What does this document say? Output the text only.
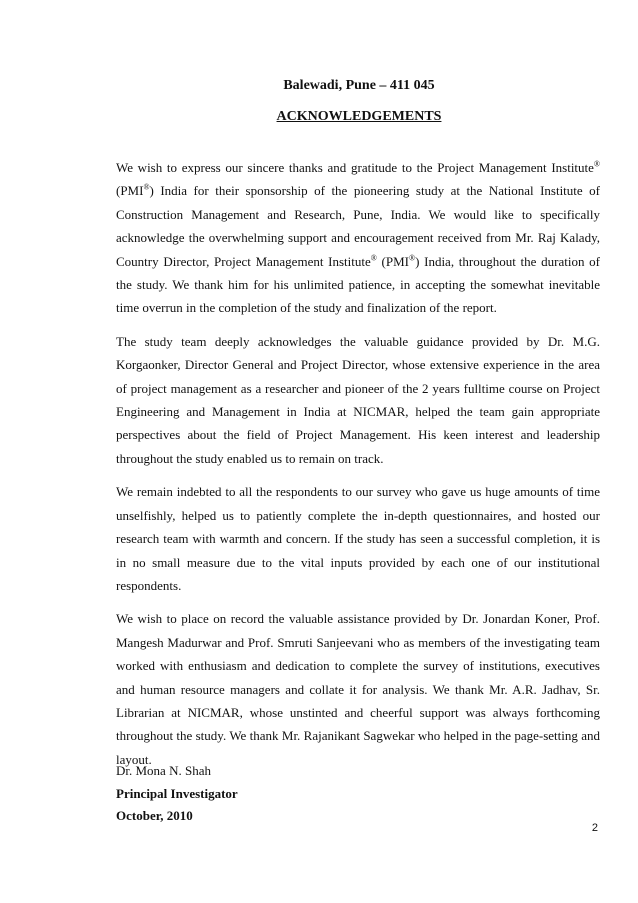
Balewadi, Pune – 411 045
ACKNOWLEDGEMENTS

We wish to express our sincere thanks and gratitude to the Project Management Institute® (PMI®) India for their sponsorship of the pioneering study at the National Institute of Construction Management and Research, Pune, India. We would like to specifically acknowledge the overwhelming support and encouragement received from Mr. Raj Kalady, Country Director, Project Management Institute® (PMI®) India, throughout the duration of the study. We thank him for his unlimited patience, in accepting the somewhat inevitable time overrun in the completion of the study and finalization of the report.

The study team deeply acknowledges the valuable guidance provided by Dr. M.G. Korgaonker, Director General and Project Director, whose extensive experience in the area of project management as a researcher and pioneer of the 2 years fulltime course on Project Engineering and Management in India at NICMAR, helped the team gain appropriate perspectives about the field of Project Management. His keen interest and leadership throughout the study enabled us to remain on track.

We remain indebted to all the respondents to our survey who gave us huge amounts of time unselfishly, helped us to patiently complete the in-depth questionnaires, and hosted our research team with warmth and concern. If the study has seen a successful completion, it is in no small measure due to the vital inputs provided by each one of our institutional respondents.

We wish to place on record the valuable assistance provided by Dr. Jonardan Koner, Prof. Mangesh Madurwar and Prof. Smruti Sanjeevani who as members of the investigating team worked with enthusiasm and dedication to complete the survey of institutions, executives and human resource managers and collate it for analysis. We thank Mr. A.R. Jadhav, Sr. Librarian at NICMAR, whose unstinted and cheerful support was always forthcoming throughout the study. We thank Mr. Rajanikant Sagwekar who helped in the page-setting and layout.

Dr. Mona N. Shah
Principal Investigator
October, 2010
2
